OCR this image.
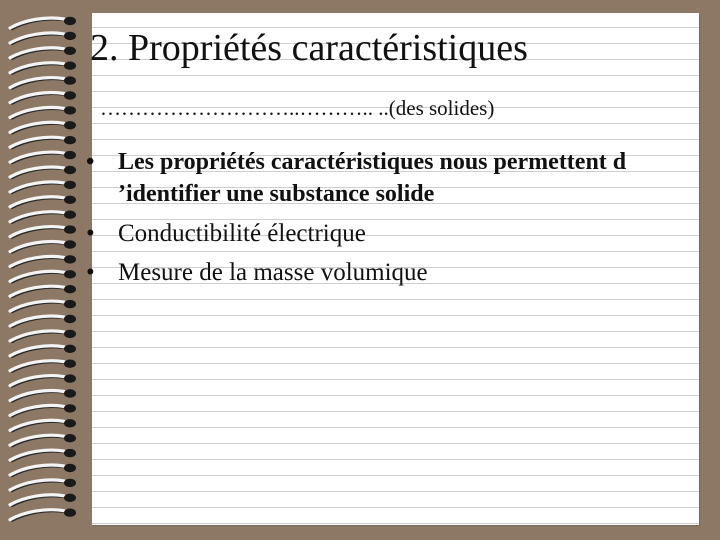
2. Propriétés caractéristiques
………………………..……….. ..(des solides)
• Les propriétés caractéristiques nous permettent d ’identifier une substance solide
• Conductibilité électrique
• Mesure de la masse volumique
